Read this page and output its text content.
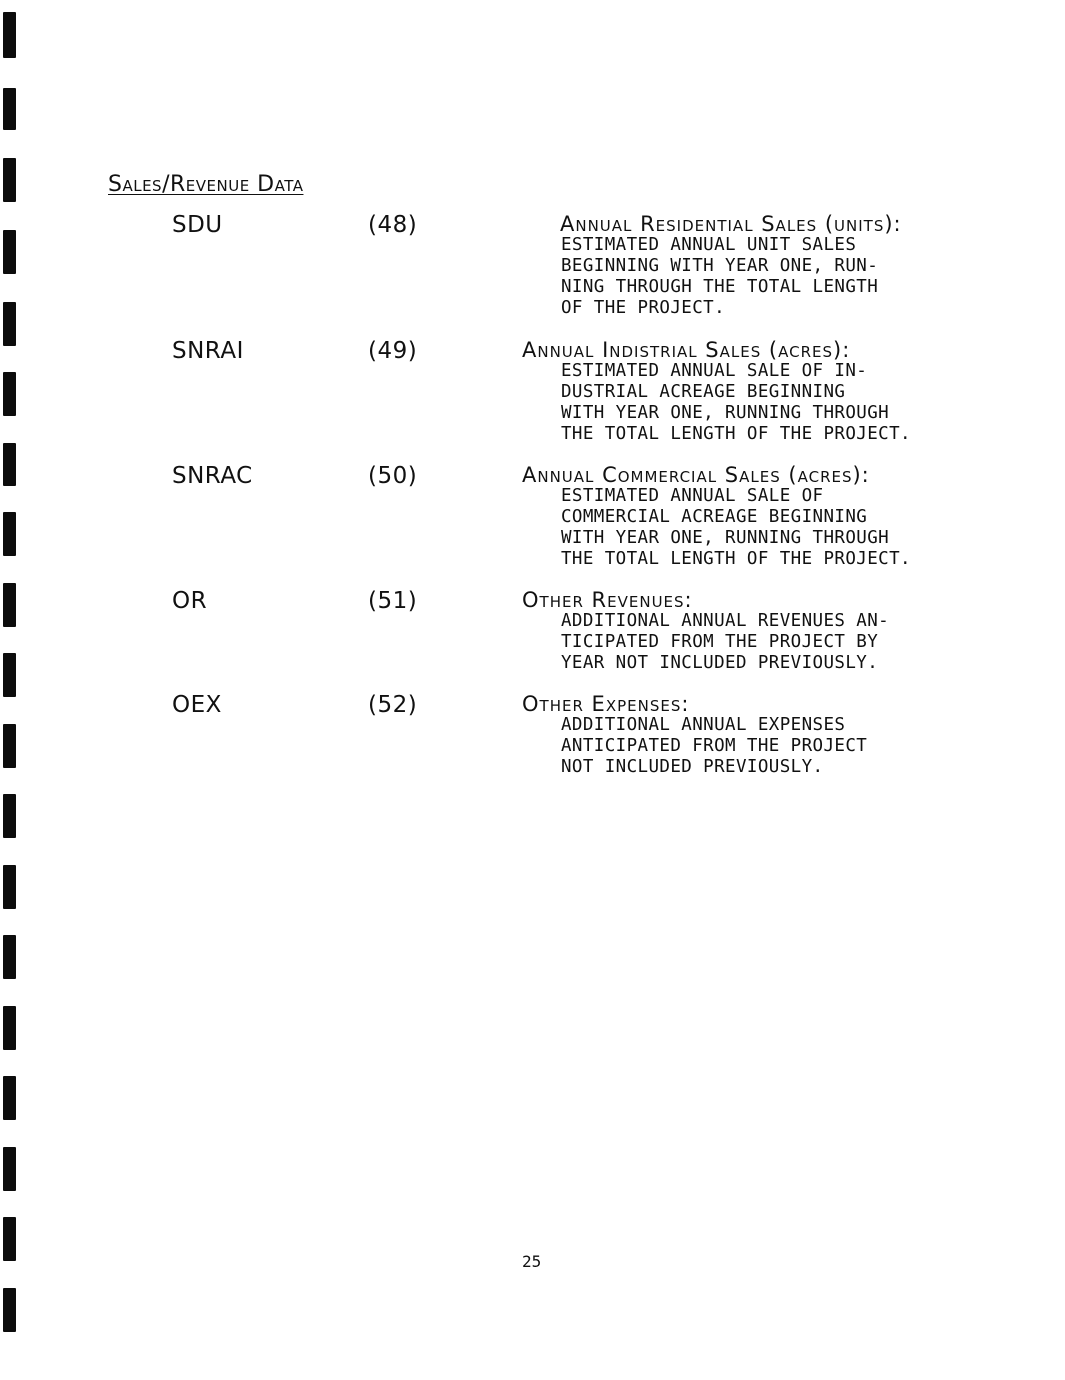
Sales/Revenue Data
SDU	(48)	Annual Residential Sales (units):
ESTIMATED ANNUAL UNIT SALES
BEGINNING WITH YEAR ONE, RUN-
NING THROUGH THE TOTAL LENGTH
OF THE PROJECT.
SNRAI	(49)	Annual Indistrial Sales (acres):
ESTIMATED ANNUAL SALE OF IN-
DUSTRIAL ACREAGE BEGINNING
WITH YEAR ONE, RUNNING THROUGH
THE TOTAL LENGTH OF THE PROJECT.
SNRAC	(50)	Annual Commercial Sales (acres):
ESTIMATED ANNUAL SALE OF
COMMERCIAL ACREAGE BEGINNING
WITH YEAR ONE, RUNNING THROUGH
THE TOTAL LENGTH OF THE PROJECT.
OR	(51)	Other Revenues:
ADDITIONAL ANNUAL REVENUES AN-
TICIPATED FROM THE PROJECT BY
YEAR NOT INCLUDED PREVIOUSLY.
OEX	(52)	Other Expenses:
ADDITIONAL ANNUAL EXPENSES
ANTICIPATED FROM THE PROJECT
NOT INCLUDED PREVIOUSLY.
25
